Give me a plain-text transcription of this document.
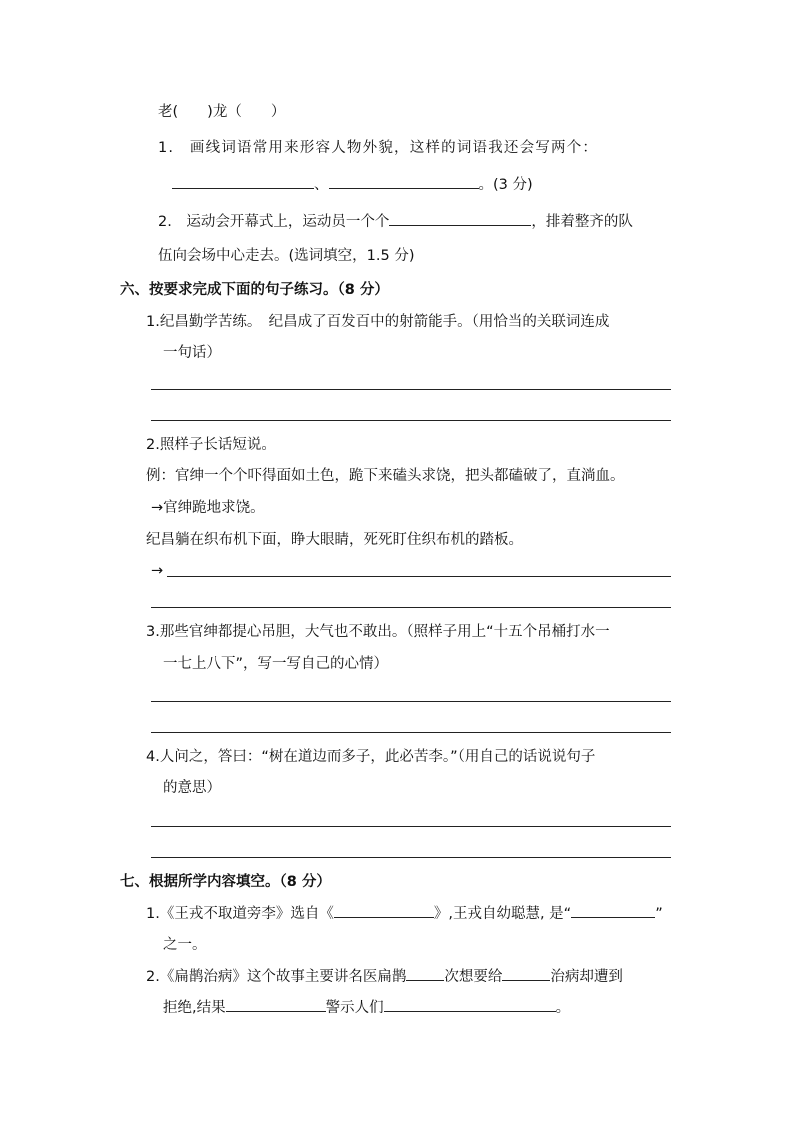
老(　　)龙（　　）
1.　画线词语常用来形容人物外貌，这样的词语我还会写两个：
、	。(3 分)
2.　运动会开幕式上，运动员一个个	，排着整齐的队
伍向会场中心走去。(选词填空，1.5 分)
六、按要求完成下面的句子练习。（8 分）
1.纪昌勤学苦练。　纪昌成了百发百中的射箭能手。（用恰当的关联词连成
一句话）
2.照样子长话短说。
例：官绅一个个吓得面如土色，跪下来磕头求饶，把头都磕破了，直淌血。
→官绅跪地求饶。
纪昌躺在织布机下面，睁大眼睛，死死盯住织布机的踏板。
→
3.那些官绅都提心吊胆，大气也不敢出。（照样子用上“十五个吊桶打水一
一七上八下”，写一写自己的心情）
4.人问之，答曰：“树在道边而多子，此必苦李。”（用自己的话说说句子
的意思）
七、根据所学内容填空。（8 分）
1.《王戎不取道旁李》选自《	》,王戎自幼聪慧, 是“	”
之一。
2.《扁鹊治病》这个故事主要讲名医扁鹊	次想要给	治病却遭到
拒绝,结果	警示人们	。
